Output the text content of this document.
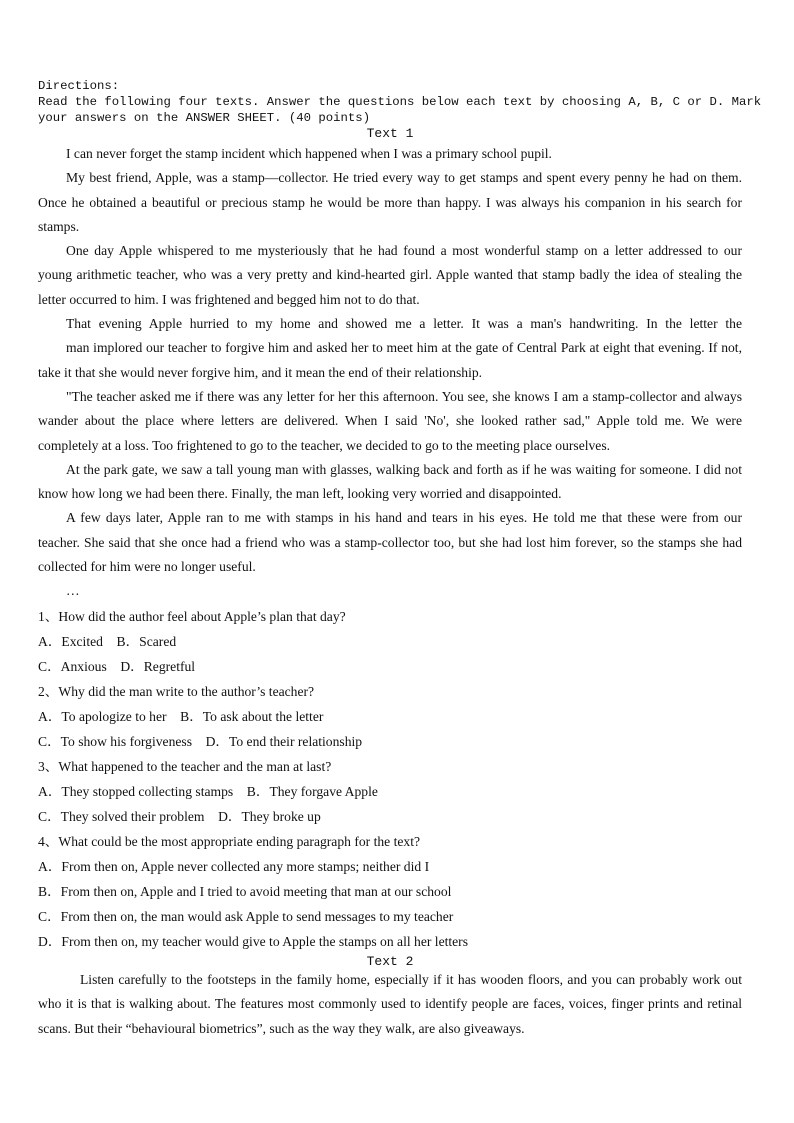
Directions:
Read the following four texts. Answer the questions below each text by choosing A, B, C or D. Mark
your answers on the ANSWER SHEET. (40 points)
Text 1
I can never forget the stamp incident which happened when I was a primary school pupil.
My best friend, Apple, was a stamp—collector. He tried every way to get stamps and spent every penny he had on them.
Once he obtained a beautiful or precious stamp he would be more than happy. I was always his companion in his search for
stamps.
One day Apple whispered to me mysteriously that he had found a most wonderful stamp on a letter addressed to our
young arithmetic teacher, who was a very pretty and kind-hearted girl. Apple wanted that stamp badly the idea of stealing the
letter occurred to him. I was frightened and begged him not to do that.
That evening Apple hurried to my home and showed me a letter. It was a man's handwriting. In the letter the
man implored our teacher to forgive him and asked her to meet him at the gate of Central Park at eight that evening. If not,
take it that she would never forgive him, and it mean the end of their relationship.
"The teacher asked me if there was any letter for her this afternoon. You see, she knows I am a stamp-collector and always
wander about the place where letters are delivered. When I said 'No', she looked rather sad," Apple told me. We were
completely at a loss. Too frightened to go to the teacher, we decided to go to the meeting place ourselves.
At the park gate, we saw a tall young man with glasses, walking back and forth as if he was waiting for someone. I did not
know how long we had been there. Finally, the man left, looking very worried and disappointed.
A few days later, Apple ran to me with stamps in his hand and tears in his eyes. He told me that these were from our
teacher. She said that she once had a friend who was a stamp-collector too, but she had lost him forever, so the stamps she had
collected for him were no longer useful.
…
1、How did the author feel about Apple’s plan that day?
A．Excited    B．Scared
C．Anxious    D．Regretful
2、Why did the man write to the author’s teacher?
A．To apologize to her    B．To ask about the letter
C．To show his forgiveness    D．To end their relationship
3、What happened to the teacher and the man at last?
A．They stopped collecting stamps    B．They forgave Apple
C．They solved their problem    D．They broke up
4、What could be the most appropriate ending paragraph for the text?
A．From then on, Apple never collected any more stamps; neither did I
B．From then on, Apple and I tried to avoid meeting that man at our school
C．From then on, the man would ask Apple to send messages to my teacher
D．From then on, my teacher would give to Apple the stamps on all her letters
Text 2
Listen carefully to the footsteps in the family home, especially if it has wooden floors, and you can probably work out
who it is that is walking about. The features most commonly used to identify people are faces, voices, finger prints and retinal
scans. But their “behavioural biometrics”, such as the way they walk, are also giveaways.
